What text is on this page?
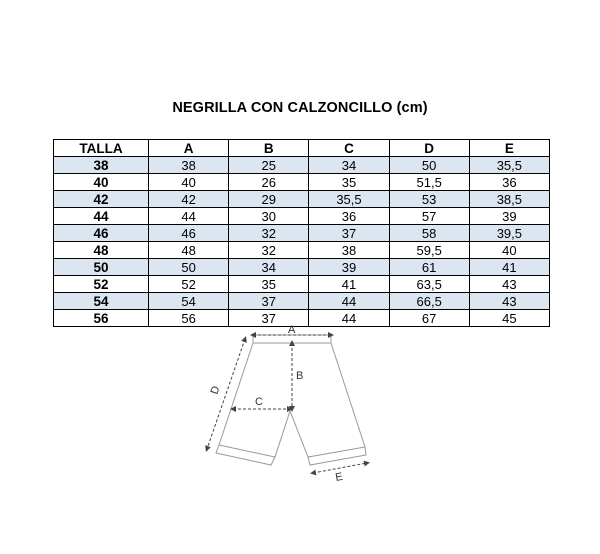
NEGRILLA CON CALZONCILLO (cm)
TALLA	A	B	C	D	E
38	38	25	34	50	35,5
40	40	26	35	51,5	36
42	42	29	35,5	53	38,5
44	44	30	36	57	39
46	46	32	37	58	39,5
48	48	32	38	59,5	40
50	50	34	39	61	41
52	52	35	41	63,5	43
54	54	37	44	66,5	43
56	56	37	44	67	45
A
B
C
D
E
